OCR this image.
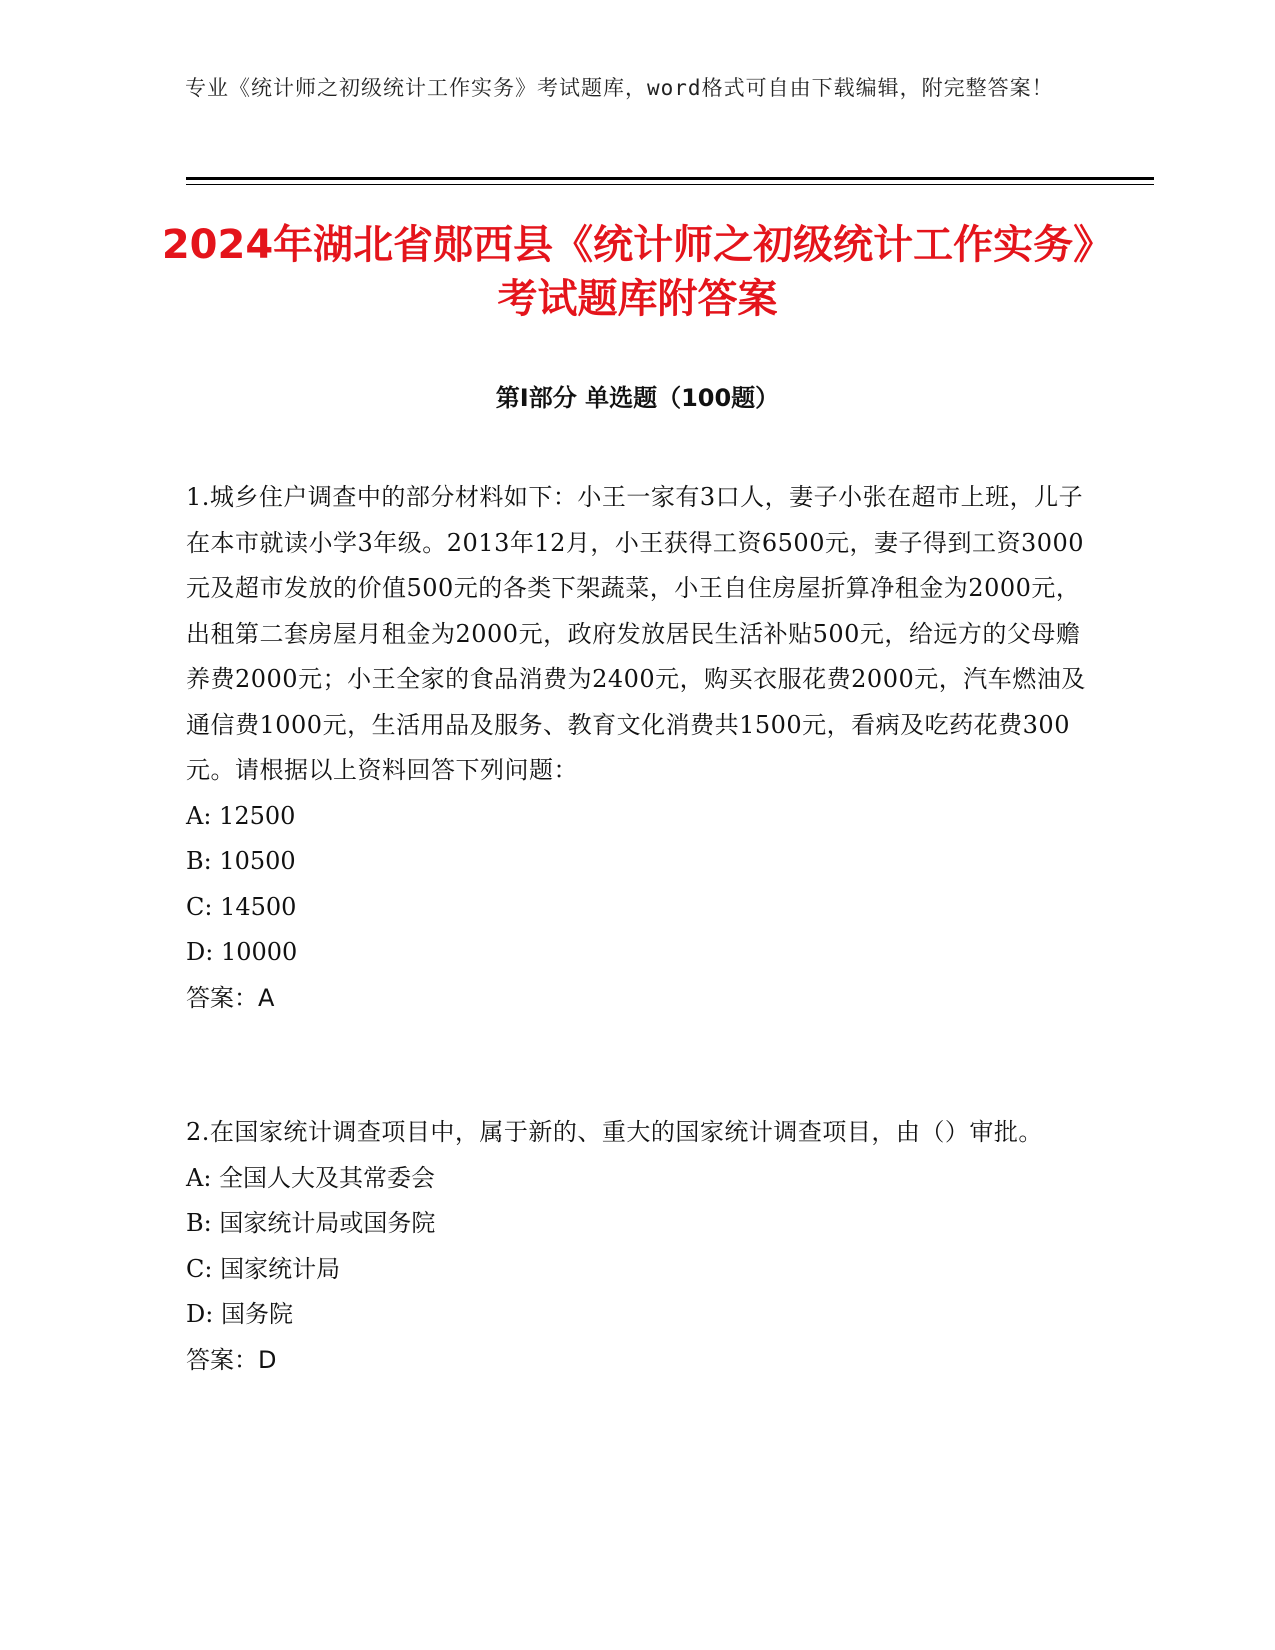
专业《统计师之初级统计工作实务》考试题库，word格式可自由下载编辑，附完整答案！
2024年湖北省郧西县《统计师之初级统计工作实务》考试题库附答案
第Ⅰ部分 单选题（100题）

1.城乡住户调查中的部分材料如下：小王一家有3口人，妻子小张在超市上班，儿子在本市就读小学3年级。2013年12月，小王获得工资6500元，妻子得到工资3000元及超市发放的价值500元的各类下架蔬菜，小王自住房屋折算净租金为2000元，出租第二套房屋月租金为2000元，政府发放居民生活补贴500元，给远方的父母赡养费2000元；小王全家的食品消费为2400元，购买衣服花费2000元，汽车燃油及通信费1000元，生活用品及服务、教育文化消费共1500元，看病及吃药花费300元。请根据以上资料回答下列问题：

A: 12500

B: 10500

C: 14500

D: 10000

答案：A

2.在国家统计调查项目中，属于新的、重大的国家统计调查项目，由（）审批。

A: 全国人大及其常委会

B: 国家统计局或国务院

C: 国家统计局

D: 国务院

答案：D
